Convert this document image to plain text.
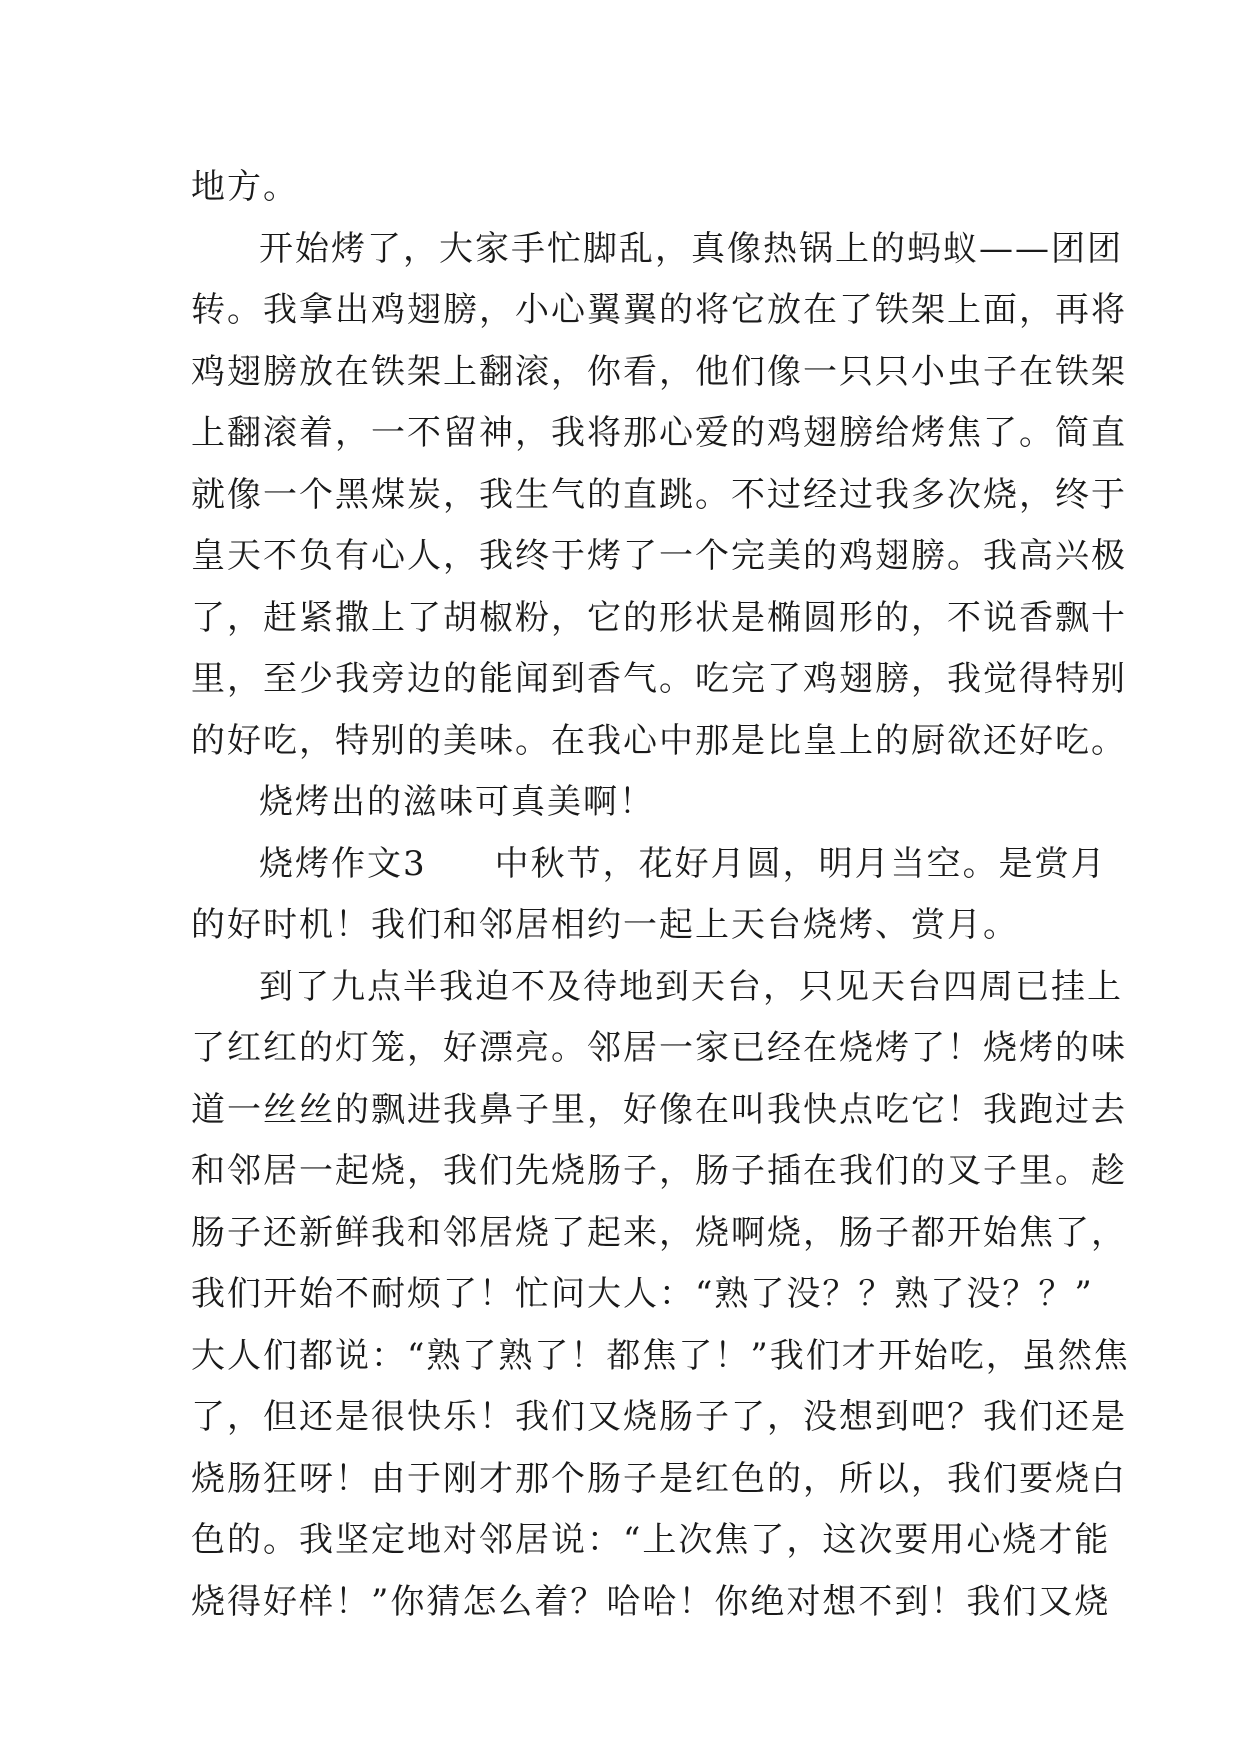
地方。
开始烤了，大家手忙脚乱，真像热锅上的蚂蚁——团团
转。我拿出鸡翅膀，小心翼翼的将它放在了铁架上面，再将
鸡翅膀放在铁架上翻滚，你看，他们像一只只小虫子在铁架
上翻滚着，一不留神，我将那心爱的鸡翅膀给烤焦了。简直
就像一个黑煤炭，我生气的直跳。不过经过我多次烧，终于
皇天不负有心人，我终于烤了一个完美的鸡翅膀。我高兴极
了，赶紧撒上了胡椒粉，它的形状是椭圆形的，不说香飘十
里，至少我旁边的能闻到香气。吃完了鸡翅膀，我觉得特别
的好吃，特别的美味。在我心中那是比皇上的厨欲还好吃。
烧烤出的滋味可真美啊！
烧烤作文3 中秋节，花好月圆，明月当空。是赏月
的好时机！我们和邻居相约一起上天台烧烤、赏月。
到了九点半我迫不及待地到天台，只见天台四周已挂上
了红红的灯笼，好漂亮。邻居一家已经在烧烤了！烧烤的味
道一丝丝的飘进我鼻子里，好像在叫我快点吃它！我跑过去
和邻居一起烧，我们先烧肠子，肠子插在我们的叉子里。趁
肠子还新鲜我和邻居烧了起来，烧啊烧，肠子都开始焦了，
我们开始不耐烦了！忙问大人：“熟了没？？熟了没？？”
大人们都说：“熟了熟了！都焦了！”我们才开始吃，虽然焦
了，但还是很快乐！我们又烧肠子了，没想到吧？我们还是
烧肠狂呀！由于刚才那个肠子是红色的，所以，我们要烧白
色的。我坚定地对邻居说：“上次焦了，这次要用心烧才能
烧得好样！”你猜怎么着？哈哈！你绝对想不到！我们又烧
